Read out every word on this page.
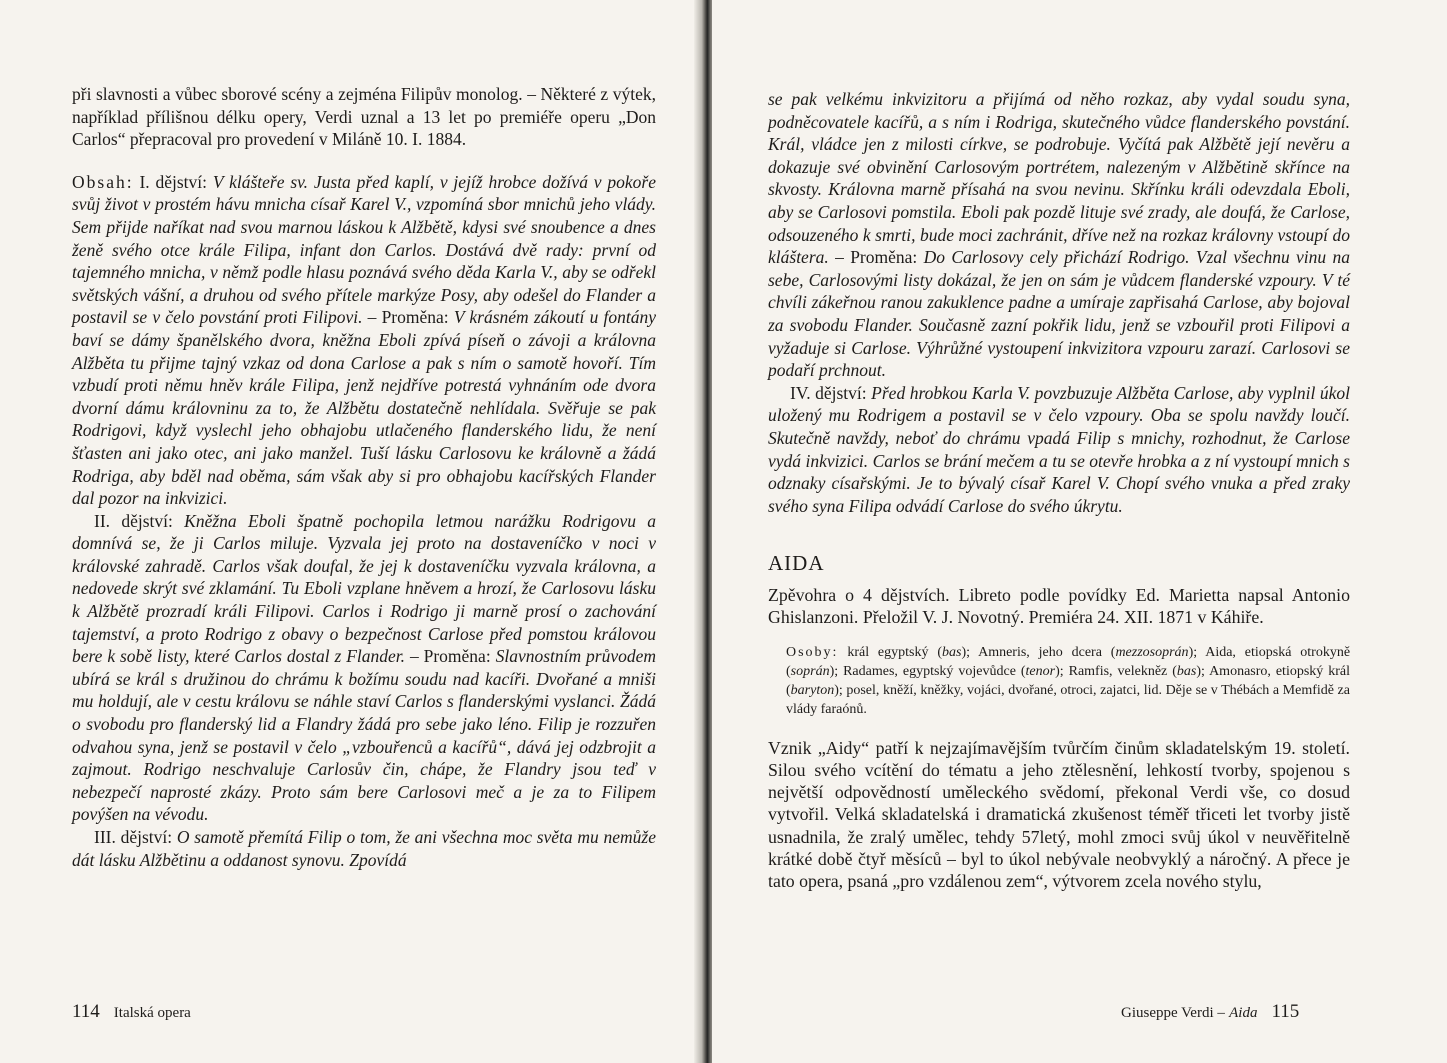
při slavnosti a vůbec sborové scény a zejména Filipův monolog. – Některé z výtek, například přílišnou délku opery, Verdi uznal a 13 let po premiéře operu „Don Carlos“ přepracoval pro provedení v Miláně 10. I. 1884.

Obsah: I. dějství: V klášteře sv. Justa před kaplí, v jejíž hrobce dožívá v pokoře svůj život v prostém hávu mnicha císař Karel V., vzpomíná sbor mnichů jeho vlády. Sem přijde naříkat nad svou marnou láskou k Alžbětě, kdysi své snoubence a dnes ženě svého otce krále Filipa, infant don Carlos. Dostává dvě rady: první od tajemného mnicha, v němž podle hlasu poznává svého děda Karla V., aby se odřekl světských vášní, a druhou od svého přítele markýze Posy, aby odešel do Flander a postavil se v čelo povstání proti Filipovi. – Proměna: V krásném zákoutí u fontány baví se dámy španělského dvora, kněžna Eboli zpívá píseň o závoji a královna Alžběta tu přijme tajný vzkaz od dona Carlose a pak s ním o samotě hovoří. Tím vzbudí proti němu hněv krále Filipa, jenž nejdříve potrestá vyhnáním ode dvora dvorní dámu královninu za to, že Alžbětu dostatečně nehlídala. Svěřuje se pak Rodrigovi, když vyslechl jeho obhajobu utlačeného flanderského lidu, že není šťasten ani jako otec, ani jako manžel. Tuší lásku Carlosovu ke královně a žádá Rodriga, aby bděl nad oběma, sám však aby si pro obhajobu kacířských Flander dal pozor na inkvizici.

II. dějství: Kněžna Eboli špatně pochopila letmou narážku Rodrigovu a domnívá se, že ji Carlos miluje. Vyzvala jej proto na dostaveníčko v noci v královské zahradě. Carlos však doufal, že jej k dostaveníčku vyzvala královna, a nedovede skrýt své zklamání. Tu Eboli vzplane hněvem a hrozí, že Carlosovu lásku k Alžbětě prozradí králi Filipovi. Carlos i Rodrigo ji marně prosí o zachování tajemství, a proto Rodrigo z obavy o bezpečnost Carlose před pomstou královou bere k sobě listy, které Carlos dostal z Flander. – Proměna: Slavnostním průvodem ubírá se král s družinou do chrámu k božímu soudu nad kacíři. Dvořané a mniši mu holdují, ale v cestu královu se náhle staví Carlos s flanderskými vyslanci. Žádá o svobodu pro flanderský lid a Flandry žádá pro sebe jako léno. Filip je rozzuřen odvahou syna, jenž se postavil v čelo „vzbouřenců a kacířů“, dává jej odzbrojit a zajmout. Rodrigo neschvaluje Carlosův čin, chápe, že Flandry jsou teď v nebezpečí naprosté zkázy. Proto sám bere Carlosovi meč a je za to Filipem povýšen na vévodu.

III. dějství: O samotě přemítá Filip o tom, že ani všechna moc světa mu nemůže dát lásku Alžbětinu a oddanost synovu. Zpovídá

114 Italská opera

se pak velkému inkvizitoru a přijímá od něho rozkaz, aby vydal soudu syna, podněcovatele kacířů, a s ním i Rodriga, skutečného vůdce flanderského povstání. Král, vládce jen z milosti církve, se podrobuje. Vyčítá pak Alžbětě její nevěru a dokazuje své obvinění Carlosovým portrétem, nalezeným v Alžbětině skřínce na skvosty. Královna marně přísahá na svou nevinu. Skřínku králi odevzdala Eboli, aby se Carlosovi pomstila. Eboli pak pozdě lituje své zrady, ale doufá, že Carlose, odsouzeného k smrti, bude moci zachránit, dříve než na rozkaz královny vstoupí do kláštera. – Proměna: Do Carlosovy cely přichází Rodrigo. Vzal všechnu vinu na sebe, Carlosovými listy dokázal, že jen on sám je vůdcem flanderské vzpoury. V té chvíli zákeřnou ranou zakuklence padne a umíraje zapřisahá Carlose, aby bojoval za svobodu Flander. Současně zazní pokřik lidu, jenž se vzbouřil proti Filipovi a vyžaduje si Carlose. Výhrůžné vystoupení inkvizitora vzpouru zarazí. Carlosovi se podaří prchnout.

IV. dějství: Před hrobkou Karla V. povzbuzuje Alžběta Carlose, aby vyplnil úkol uložený mu Rodrigem a postavil se v čelo vzpoury. Oba se spolu navždy loučí. Skutečně navždy, neboť do chrámu vpadá Filip s mnichy, rozhodnut, že Carlose vydá inkvizici. Carlos se brání mečem a tu se otevře hrobka a z ní vystoupí mnich s odznaky císařskými. Je to bývalý císař Karel V. Chopí svého vnuka a před zraky svého syna Filipa odvádí Carlose do svého úkrytu.

AIDA

Zpěvohra o 4 dějstvích. Libreto podle povídky Ed. Marietta napsal Antonio Ghislanzoni. Přeložil V. J. Novotný. Premiéra 24. XII. 1871 v Káhiře.

Osoby: král egyptský (bas); Amneris, jeho dcera (mezzosoprán); Aida, etiopská otrokyně (soprán); Radames, egyptský vojevůdce (tenor); Ramfis, velekněz (bas); Amonasro, etiopský král (baryton); posel, kněží, kněžky, vojáci, dvořané, otroci, zajatci, lid. Děje se v Thébách a Memfidě za vlády faraónů.

Vznik „Aidy“ patří k nejzajímavějším tvůrčím činům skladatelským 19. století. Silou svého vcítění do tématu a jeho ztělesnění, lehkostí tvorby, spojenou s největší odpovědností uměleckého svědomí, překonal Verdi vše, co dosud vytvořil. Velká skladatelská i dramatická zkušenost téměř třiceti let tvorby jistě usnadnila, že zralý umělec, tehdy 57letý, mohl zmoci svůj úkol v neuvěřitelně krátké době čtyř měsíců – byl to úkol nebývale neobvyklý a náročný. A přece je tato opera, psaná „pro vzdálenou zem“, výtvorem zcela nového stylu,

Giuseppe Verdi – Aida 115
